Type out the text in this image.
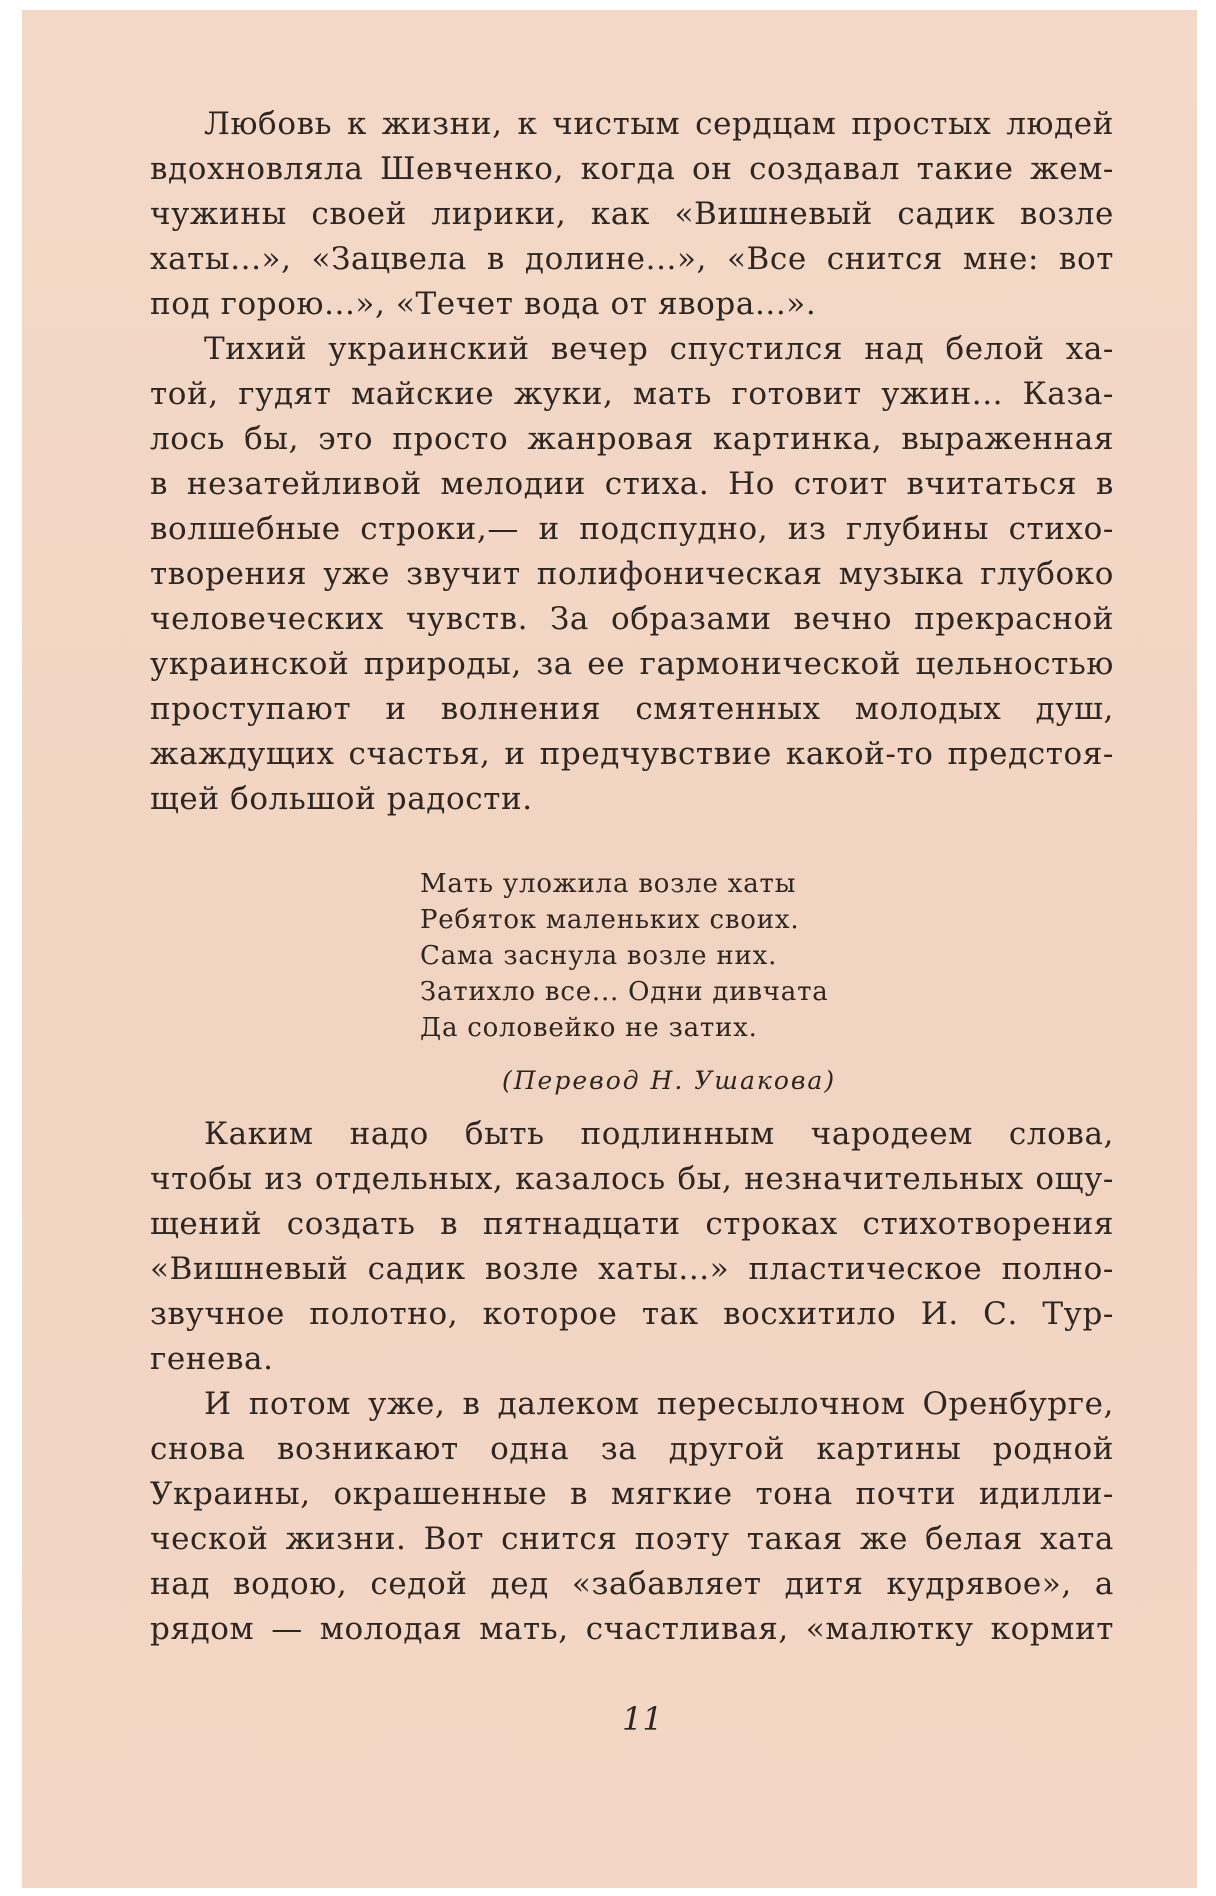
Любовь к жизни, к чистым сердцам простых людей

вдохновляла Шевченко, когда он создавал такие жем-

чужины своей лирики, как «Вишневый садик возле

хаты...», «Зацвела в долине...», «Все снится мне: вот

под горою...», «Течет вода от явора...».

Тихий украинский вечер спустился над белой ха-

той, гудят майские жуки, мать готовит ужин... Каза-

лось бы, это просто жанровая картинка, выраженная

в незатейливой мелодии стиха. Но стоит вчитаться в

волшебные строки,— и подспудно, из глубины стихо-

творения уже звучит полифоническая музыка глубоко

человеческих чувств. За образами вечно прекрасной

украинской природы, за ее гармонической цельностью

проступают и волнения смятенных молодых душ,

жаждущих счастья, и предчувствие какой-то предстоя-

щей большой радости.

Мать уложила возле хаты
Ребяток маленьких своих.
Сама заснула возле них.
Затихло все... Одни дивчата
Да соловейко не затих.
(Перевод Н. Ушакова)

Каким надо быть подлинным чародеем слова,

чтобы из отдельных, казалось бы, незначительных ощу-

щений создать в пятнадцати строках стихотворения

«Вишневый садик возле хаты...» пластическое полно-

звучное полотно, которое так восхитило И. С. Тур-

генева.

И потом уже, в далеком пересылочном Оренбурге,

снова возникают одна за другой картины родной

Украины, окрашенные в мягкие тона почти идилли-

ческой жизни. Вот снится поэту такая же белая хата

над водою, седой дед «забавляет дитя кудрявое», а

рядом — молодая мать, счастливая, «малютку кормит

11
